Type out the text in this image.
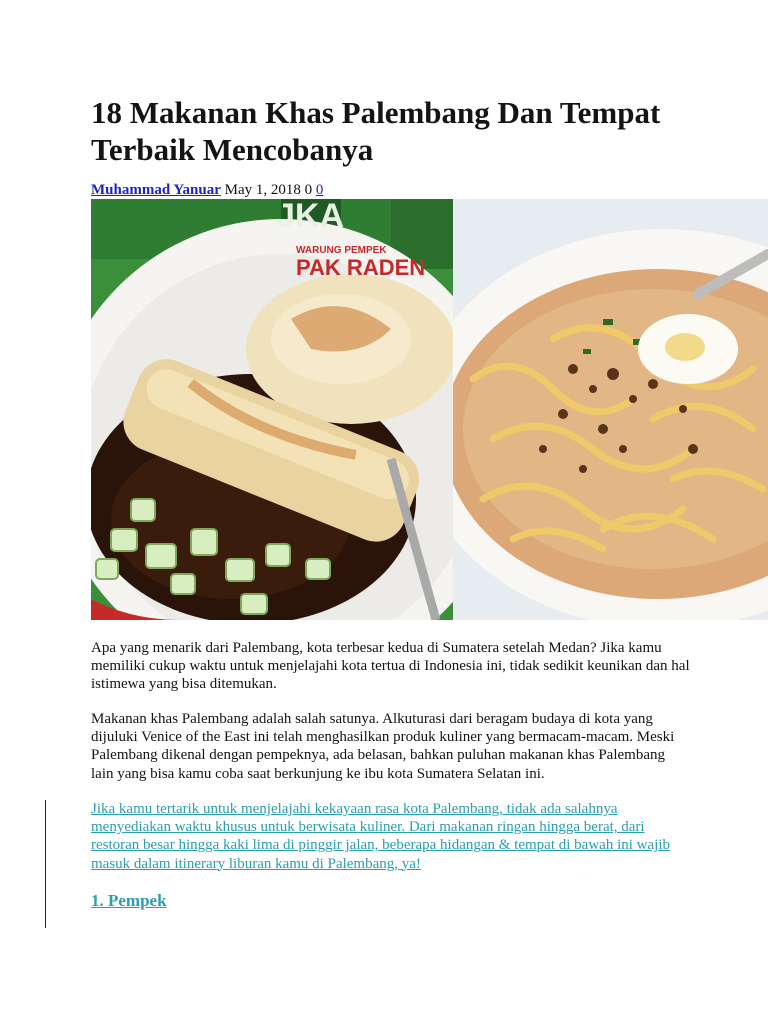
18 Makanan Khas Palembang Dan Tempat Terbaik Mencobanya
Muhammad Yanuar May 1, 2018 0 0
JKA
WARUNG PEMPEK
PAK RADEN

Apa yang menarik dari Palembang, kota terbesar kedua di Sumatera setelah Medan? Jika kamu memiliki cukup waktu untuk menjelajahi kota tertua di Indonesia ini, tidak sedikit keunikan dan hal istimewa yang bisa ditemukan.

Makanan khas Palembang adalah salah satunya. Alkuturasi dari beragam budaya di kota yang dijuluki Venice of the East ini telah menghasilkan produk kuliner yang bermacam-macam. Meski Palembang dikenal dengan pempeknya, ada belasan, bahkan puluhan makanan khas Palembang lain yang bisa kamu coba saat berkunjung ke ibu kota Sumatera Selatan ini.

Jika kamu tertarik untuk menjelajahi kekayaan rasa kota Palembang, tidak ada salahnya menyediakan waktu khusus untuk berwisata kuliner. Dari makanan ringan hingga berat, dari restoran besar hingga kaki lima di pinggir jalan, beberapa hidangan & tempat di bawah ini wajib masuk dalam itinerary liburan kamu di Palembang, ya!

1. Pempek
